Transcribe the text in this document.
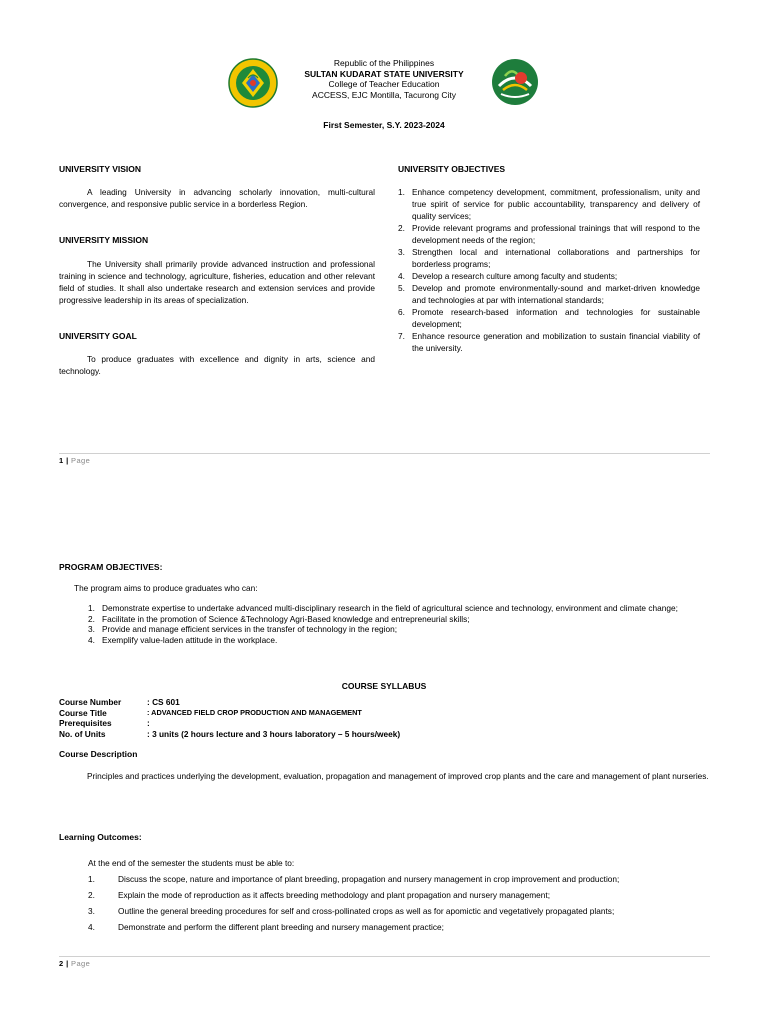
Republic of the Philippines
SULTAN KUDARAT STATE UNIVERSITY
College of Teacher Education
ACCESS, EJC Montilla, Tacurong City
First Semester, S.Y. 2023-2024
UNIVERSITY VISION
A leading University in advancing scholarly innovation, multi-cultural convergence, and responsive public service in a borderless Region.
UNIVERSITY MISSION
The University shall primarily provide advanced instruction and professional training in science and technology, agriculture, fisheries, education and other relevant field of studies. It shall also undertake research and extension services and provide progressive leadership in its areas of specialization.
UNIVERSITY GOAL
To produce graduates with excellence and dignity in arts, science and technology.
UNIVERSITY OBJECTIVES
1. Enhance competency development, commitment, professionalism, unity and true spirit of service for public accountability, transparency and delivery of quality services;
2. Provide relevant programs and professional trainings that will respond to the development needs of the region;
3. Strengthen local and international collaborations and partnerships for borderless programs;
4. Develop a research culture among faculty and students;
5. Develop and promote environmentally-sound and market-driven knowledge and technologies at par with international standards;
6. Promote research-based information and technologies for sustainable development;
7. Enhance resource generation and mobilization to sustain financial viability of the university.
1 | Page
PROGRAM OBJECTIVES:
The program aims to produce graduates who can:
1. Demonstrate expertise to undertake advanced multi-disciplinary research in the field of agricultural science and technology, environment and climate change;
2. Facilitate in the promotion of Science &Technology Agri-Based knowledge and entrepreneurial skills;
3. Provide and manage efficient services in the transfer of technology in the region;
4. Exemplify value-laden attitude in the workplace.
COURSE SYLLABUS
Course Number	: CS 601
Course Title	: ADVANCED FIELD CROP PRODUCTION AND MANAGEMENT
Prerequisites	:
No. of Units	: 3 units (2 hours lecture and 3 hours laboratory – 5 hours/week)
Course Description
Principles and practices underlying the development, evaluation, propagation and management of improved crop plants and the care and management of plant nurseries.
Learning Outcomes:
At the end of the semester the students must be able to:
1.	Discuss the scope, nature and importance of plant breeding, propagation and nursery management in crop improvement and production;
2.	Explain the mode of reproduction as it affects breeding methodology and plant propagation and nursery management;
3.	Outline the general breeding procedures for self and cross-pollinated crops as well as for apomictic and vegetatively propagated plants;
4.	Demonstrate and perform the different plant breeding and nursery management practice;
2 | Page
